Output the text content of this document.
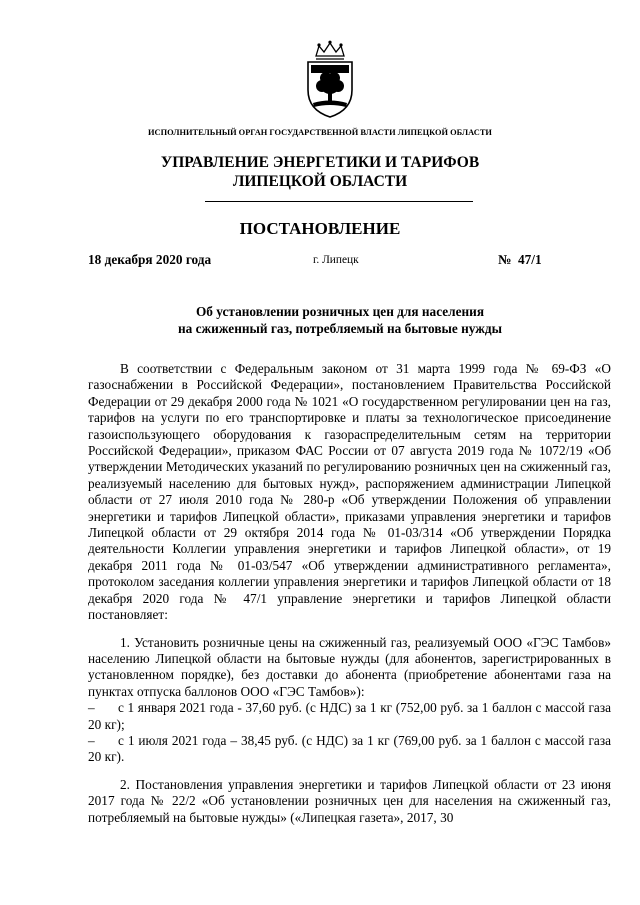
ИСПОЛНИТЕЛЬНЫЙ ОРГАН ГОСУДАРСТВЕННОЙ ВЛАСТИ ЛИПЕЦКОЙ ОБЛАСТИ
УПРАВЛЕНИЕ ЭНЕРГЕТИКИ И ТАРИФОВ
ЛИПЕЦКОЙ ОБЛАСТИ
ПОСТАНОВЛЕНИЕ
18 декабря 2020 года	г. Липецк	№  47/1
Об установлении розничных цен для населения
на сжиженный газ, потребляемый на бытовые нужды

В соответствии с Федеральным законом от 31 марта 1999 года № 69-ФЗ «О газоснабжении в Российской Федерации», постановлением Правительства Российской Федерации от 29 декабря 2000 года № 1021 «О государственном регулировании цен на газ, тарифов на услуги по его транспортировке и платы за технологическое присоединение газоиспользующего оборудования к газораспределительным сетям на территории Российской Федерации», приказом ФАС России от 07 августа 2019 года № 1072/19 «Об утверждении Методических указаний по регулированию розничных цен на сжиженный газ, реализуемый населению для бытовых нужд», распоряжением администрации Липецкой области от 27 июля 2010 года № 280-р «Об утверждении Положения об управлении энергетики и тарифов Липецкой области», приказами управления энергетики и тарифов Липецкой области от 29 октября 2014 года № 01-03/314 «Об утверждении Порядка деятельности Коллегии управления энергетики и тарифов Липецкой области», от 19 декабря 2011 года № 01-03/547 «Об утверждении административного регламента», протоколом заседания коллегии управления энергетики и тарифов Липецкой области от 18 декабря 2020 года № 47/1 управление энергетики и тарифов Липецкой области постановляет:

1. Установить розничные цены на сжиженный газ, реализуемый ООО «ГЭС Тамбов» населению Липецкой области на бытовые нужды (для абонентов, зарегистрированных в установленном порядке), без доставки до абонента (приобретение абонентами газа на пунктах отпуска баллонов ООО «ГЭС Тамбов»):

– с 1 января 2021 года - 37,60 руб. (с НДС) за 1 кг (752,00 руб. за 1 баллон с массой газа 20 кг);

– с 1 июля 2021 года – 38,45 руб. (с НДС) за 1 кг (769,00 руб. за 1 баллон с массой газа 20 кг).

2. Постановления управления энергетики и тарифов Липецкой области от 23 июня 2017 года № 22/2 «Об установлении розничных цен для населения на сжиженный газ, потребляемый на бытовые нужды» («Липецкая газета», 2017, 30
